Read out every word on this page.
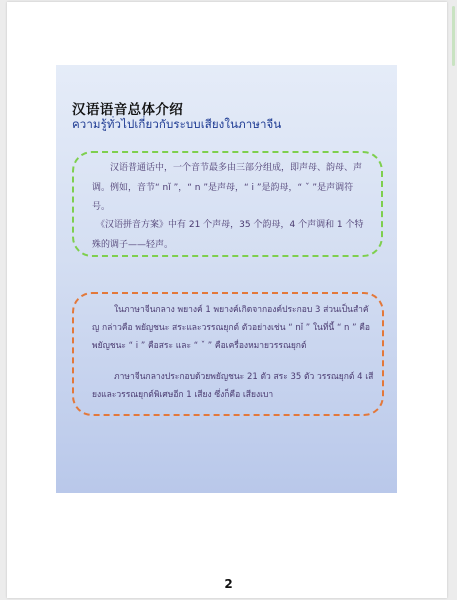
汉语语音总体介绍
ความรู้ทั่วไปเกี่ยวกับระบบเสียงในภาษาจีน
汉语普通话中，一个音节最多由三部分组成，即声母、韵母、声调。例如，音节“ nǐ ”，“ n ”是声母，“ i ”是韵母，“ ˇ ”是声调符号。
《汉语拼音方案》中有 21 个声母，35 个韵母，4 个声调和 1 个特殊的调子——轻声。
ในภาษาจีนกลาง พยางค์ 1 พยางค์เกิดจากองค์ประกอบ 3 ส่วนเป็นสำคัญ กล่าวคือ พยัญชนะ สระและวรรณยุกต์ ตัวอย่างเช่น “ nǐ ” ในที่นี้ “ n ” คือพยัญชนะ “ i ” คือสระ และ “ ˇ ” คือเครื่องหมายวรรณยุกต์
ภาษาจีนกลางประกอบด้วยพยัญชนะ 21 ตัว สระ 35 ตัว วรรณยุกต์ 4 เสียงและวรรณยุกต์พิเศษอีก 1 เสียง ซึ่งก็คือ เสียงเบา
2
